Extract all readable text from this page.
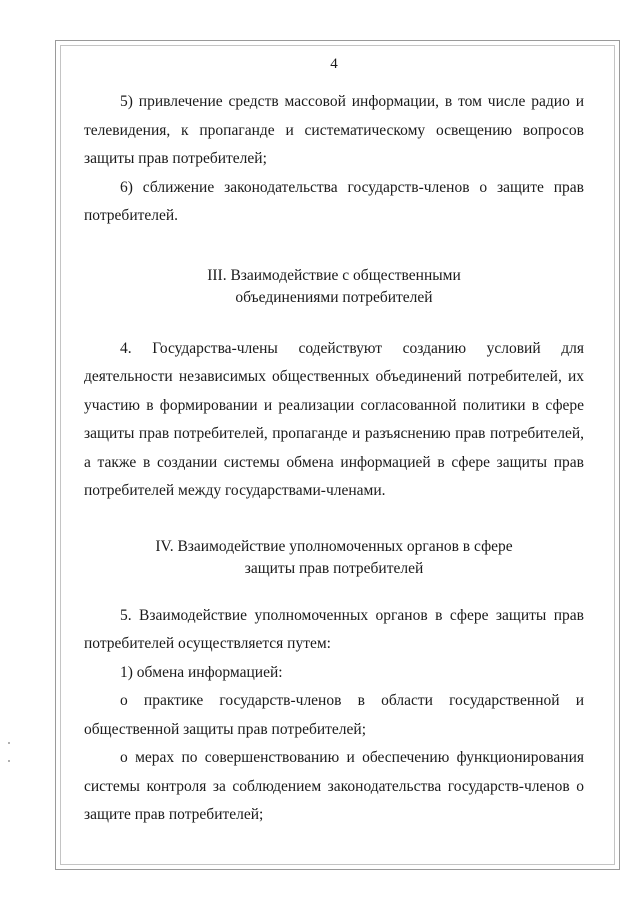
4

5) привлечение средств массовой информации, в том числе радио и телевидения, к пропаганде и систематическому освещению вопросов защиты прав потребителей;

6) сближение законодательства государств-членов о защите прав потребителей.

III. Взаимодействие с общественными
объединениями потребителей

4. Государства-члены содействуют созданию условий для деятельности независимых общественных объединений потребителей, их участию в формировании и реализации согласованной политики в сфере защиты прав потребителей, пропаганде и разъяснению прав потребителей, а также в создании системы обмена информацией в сфере защиты прав потребителей между государствами-членами.

IV. Взаимодействие уполномоченных органов в сфере
защиты прав потребителей

5. Взаимодействие уполномоченных органов в сфере защиты прав потребителей осуществляется путем:

1) обмена информацией:

о практике государств-членов в области государственной и общественной защиты прав потребителей;

о мерах по совершенствованию и обеспечению функционирования системы контроля за соблюдением законодательства государств-членов о защите прав потребителей;
